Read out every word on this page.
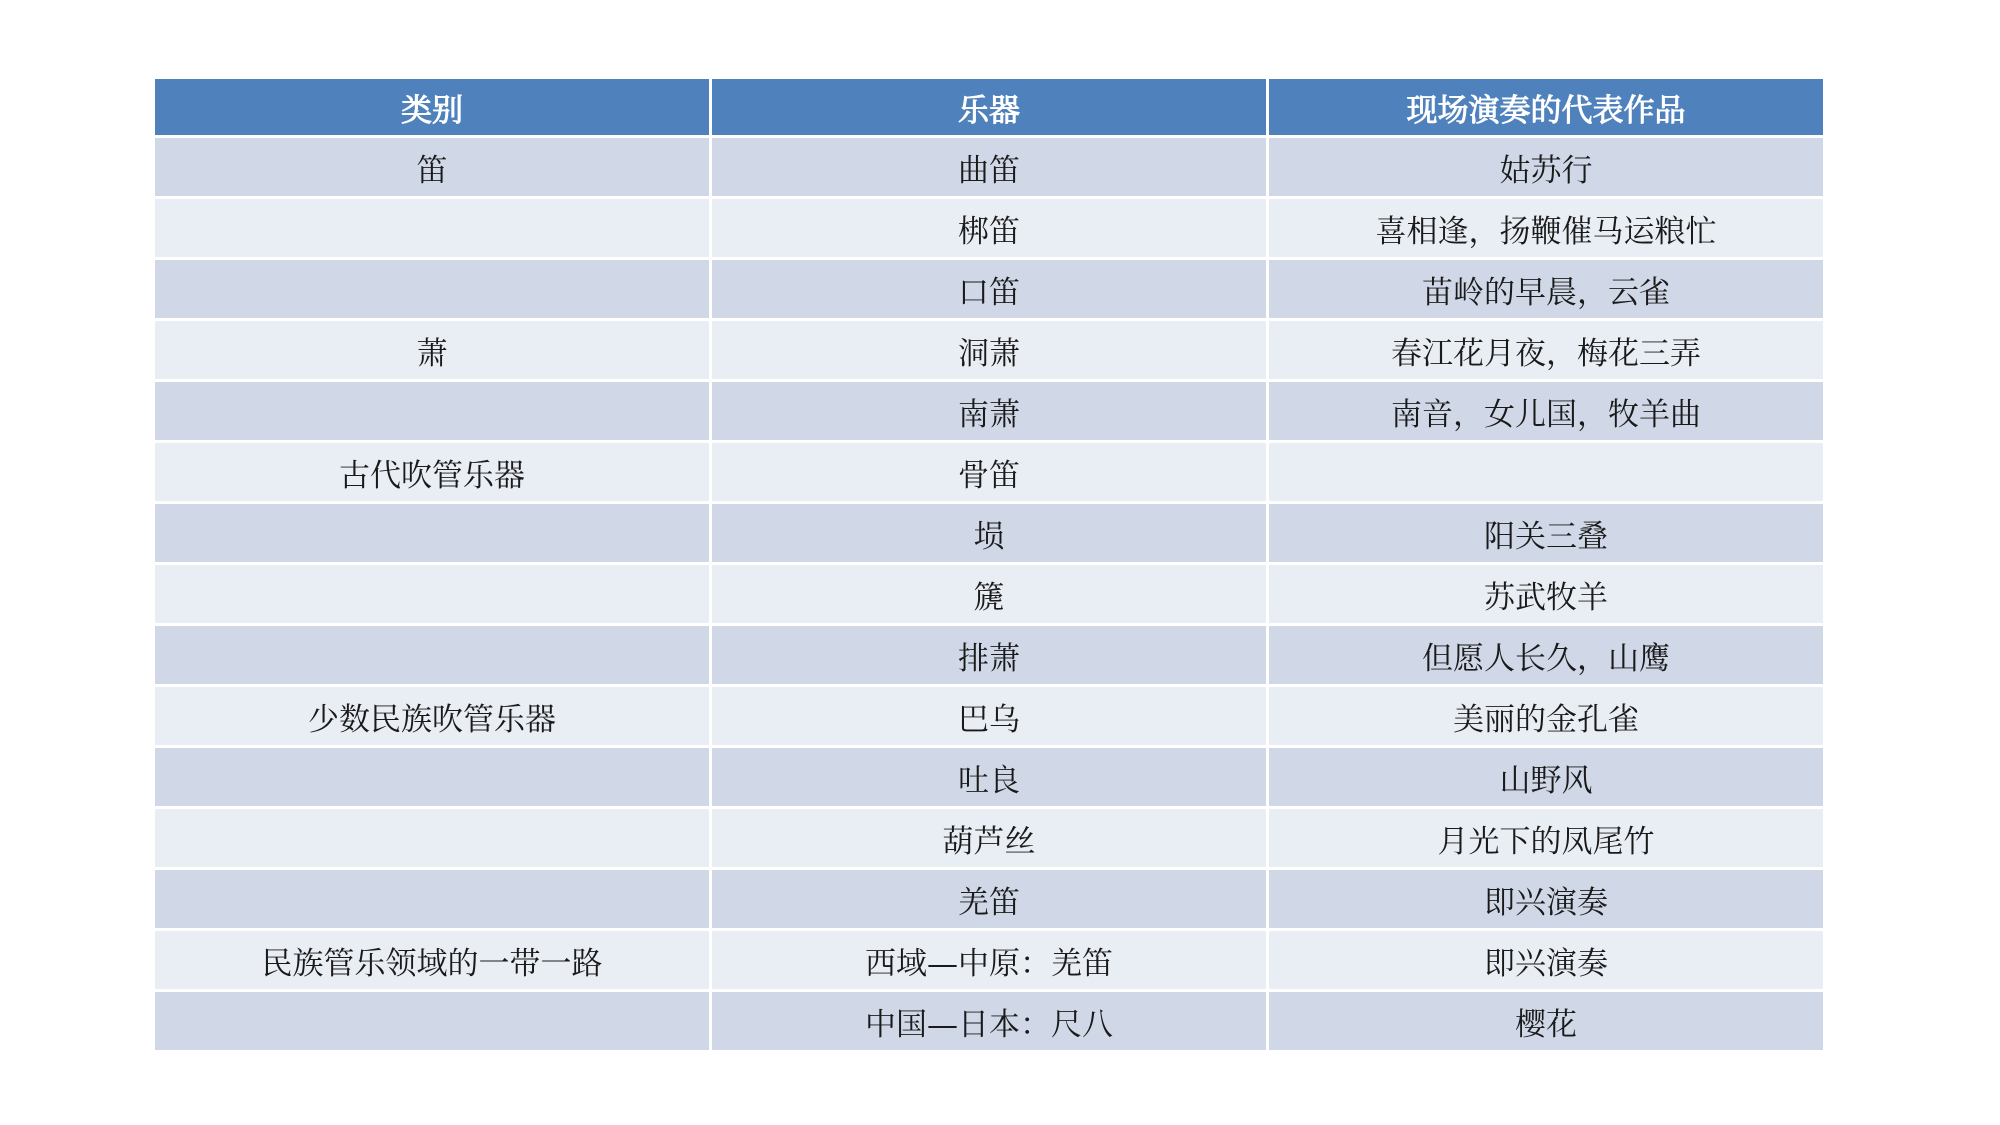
类别	乐器	现场演奏的代表作品
笛	曲笛	姑苏行
	梆笛	喜相逢，扬鞭催马运粮忙
	口笛	苗岭的早晨，云雀
萧	洞萧	春江花月夜，梅花三弄
	南萧	南音，女儿国，牧羊曲
古代吹管乐器	骨笛	
	埙	阳关三叠
	篪	苏武牧羊
	排萧	但愿人长久，山鹰
少数民族吹管乐器	巴乌	美丽的金孔雀
	吐良	山野风
	葫芦丝	月光下的凤尾竹
	羌笛	即兴演奏
民族管乐领域的一带一路	西域—中原：羌笛	即兴演奏
	中国—日本：尺八	樱花
